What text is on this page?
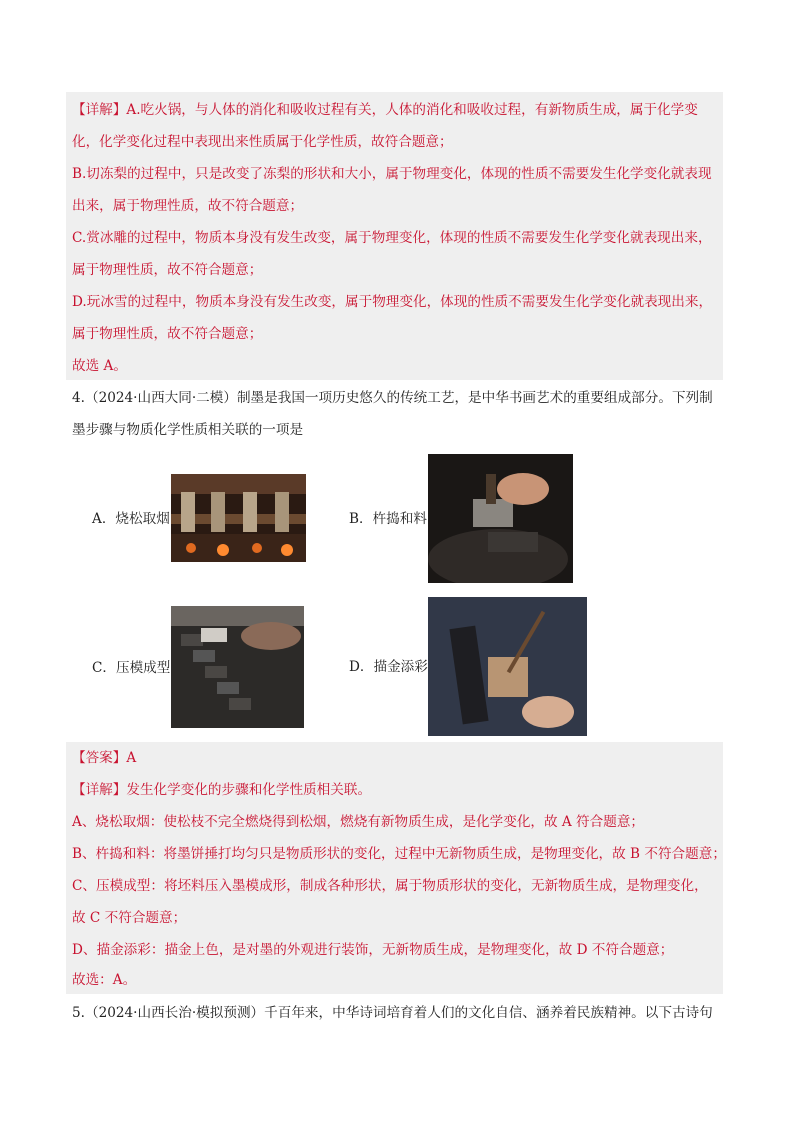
【详解】A.吃火锅，与人体的消化和吸收过程有关，人体的消化和吸收过程，有新物质生成，属于化学变
化，化学变化过程中表现出来性质属于化学性质，故符合题意；
B.切冻梨的过程中，只是改变了冻梨的形状和大小，属于物理变化，体现的性质不需要发生化学变化就表现
出来，属于物理性质，故不符合题意；
C.赏冰雕的过程中，物质本身没有发生改变，属于物理变化，体现的性质不需要发生化学变化就表现出来，
属于物理性质，故不符合题意；
D.玩冰雪的过程中，物质本身没有发生改变，属于物理变化，体现的性质不需要发生化学变化就表现出来，
属于物理性质，故不符合题意；
故选 A。
4.（2024·山西大同·二模）制墨是我国一项历史悠久的传统工艺，是中华书画艺术的重要组成部分。下列制
墨步骤与物质化学性质相关联的一项是
A．烧松取烟	B．杵捣和料
C．压模成型	D．描金添彩
【答案】A
【详解】发生化学变化的步骤和化学性质相关联。
A、烧松取烟：使松枝不完全燃烧得到松烟，燃烧有新物质生成，是化学变化，故 A 符合题意；
B、杵捣和料：将墨饼捶打均匀只是物质形状的变化，过程中无新物质生成，是物理变化，故 B 不符合题意；
C、压模成型：将坯料压入墨模成形，制成各种形状，属于物质形状的变化，无新物质生成，是物理变化，
故 C 不符合题意；
D、描金添彩：描金上色，是对墨的外观进行装饰，无新物质生成，是物理变化，故 D 不符合题意；
故选：A。
5.（2024·山西长治·模拟预测）千百年来，中华诗词培育着人们的文化自信、涵养着民族精神。以下古诗句
